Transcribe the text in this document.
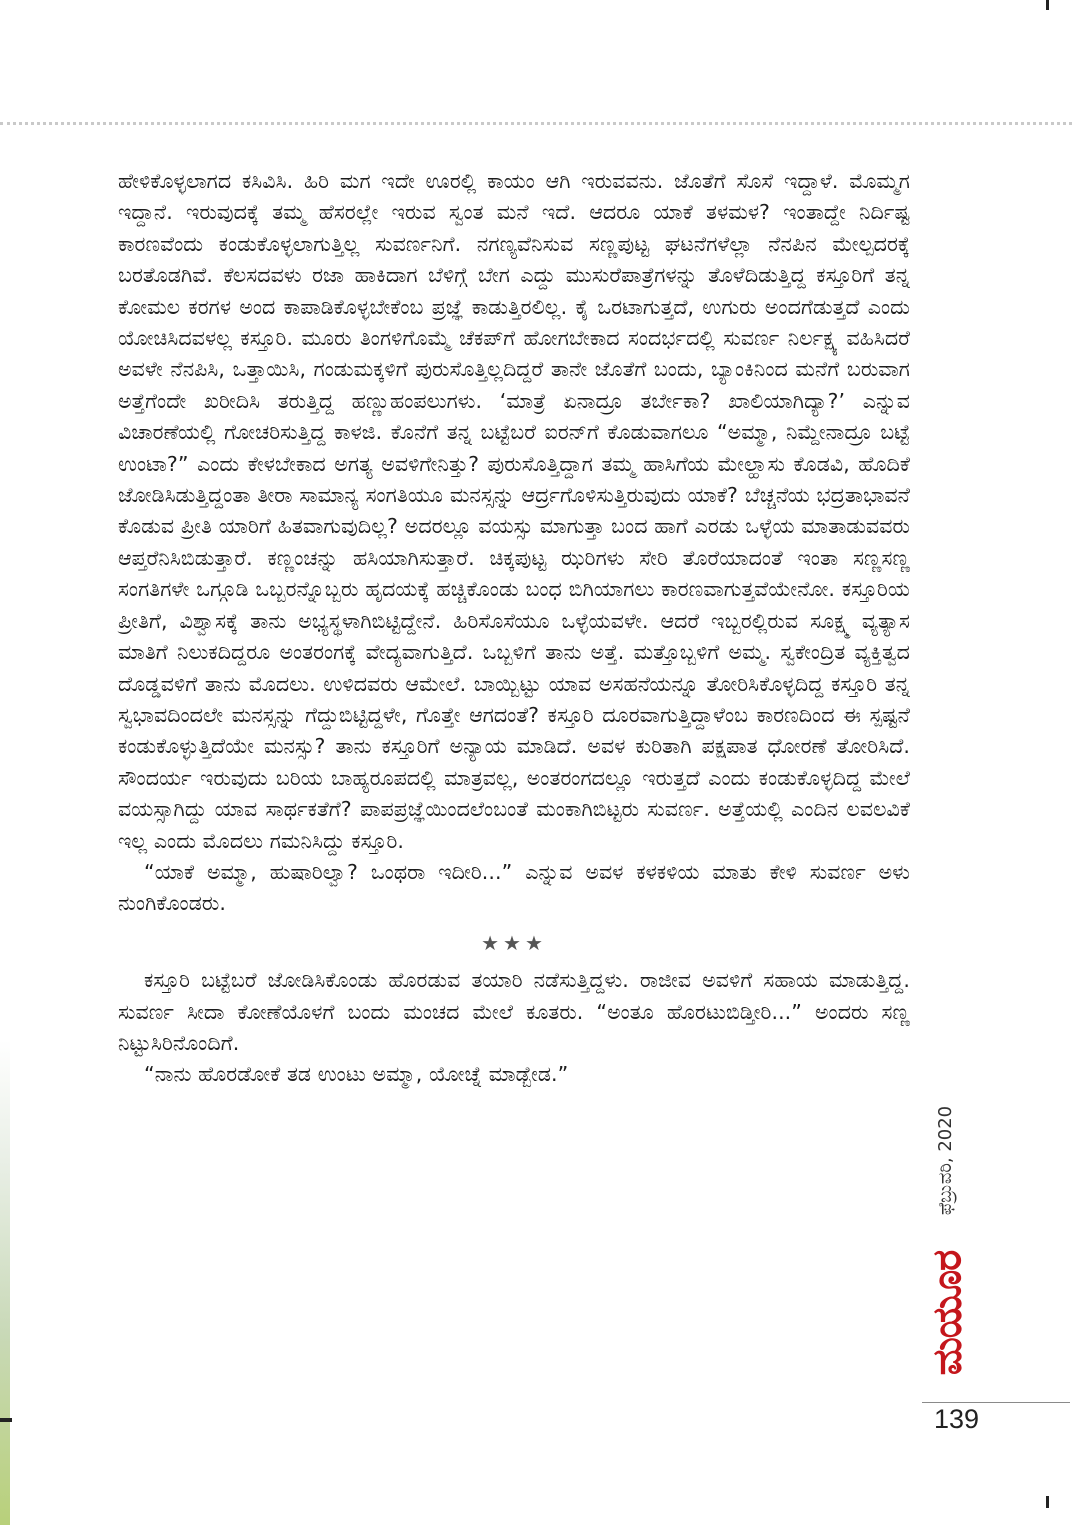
ಹೇಳಿಕೊಳ್ಳಲಾಗದ ಕಸಿವಿಸಿ. ಹಿರಿ ಮಗ ಇದೇ ಊರಲ್ಲಿ ಕಾಯಂ ಆಗಿ ಇರುವವನು. ಜೊತೆಗೆ ಸೊಸೆ ಇದ್ದಾಳೆ. ಮೊಮ್ಮಗ ಇದ್ದಾನೆ. ಇರುವುದಕ್ಕೆ ತಮ್ಮ ಹೆಸರಲ್ಲೇ ಇರುವ ಸ್ವಂತ ಮನೆ ಇದೆ. ಆದರೂ ಯಾಕೆ ತಳಮಳ? ಇಂತಾದ್ದೇ ನಿರ್ದಿಷ್ಟ ಕಾರಣವೆಂದು ಕಂಡುಕೊಳ್ಳಲಾಗುತ್ತಿಲ್ಲ ಸುವರ್ಣನಿಗೆ. ನಗಣ್ಯವೆನಿಸುವ ಸಣ್ಣಪುಟ್ಟ ಘಟನೆಗಳೆಲ್ಲಾ ನೆನಪಿನ ಮೇಲ್ಪದರಕ್ಕೆ ಬರತೊಡಗಿವೆ. ಕೆಲಸದವಳು ರಜಾ ಹಾಕಿದಾಗ ಬೆಳಿಗ್ಗೆ ಬೇಗ ಎದ್ದು ಮುಸುರೆಪಾತ್ರೆಗಳನ್ನು ತೊಳೆದಿಡುತ್ತಿದ್ದ ಕಸ್ತೂರಿಗೆ ತನ್ನ ಕೋಮಲ ಕರಗಳ ಅಂದ ಕಾಪಾಡಿಕೊಳ್ಳಬೇಕೆಂಬ ಪ್ರಜ್ಞೆ ಕಾಡುತ್ತಿರಲಿಲ್ಲ. ಕೈ ಒರಟಾಗುತ್ತದೆ, ಉಗುರು ಅಂದಗೆಡುತ್ತದೆ ಎಂದು ಯೋಚಿಸಿದವಳಲ್ಲ ಕಸ್ತೂರಿ. ಮೂರು ತಿಂಗಳಿಗೊಮ್ಮೆ ಚೆಕಪ್‌ಗೆ ಹೋಗಬೇಕಾದ ಸಂದರ್ಭದಲ್ಲಿ ಸುವರ್ಣ ನಿರ್ಲಕ್ಷ್ಯ ವಹಿಸಿದರೆ ಅವಳೇ ನೆನಪಿಸಿ, ಒತ್ತಾಯಿಸಿ, ಗಂಡುಮಕ್ಕಳಿಗೆ ಪುರುಸೊತ್ತಿಲ್ಲದಿದ್ದರೆ ತಾನೇ ಜೊತೆಗೆ ಬಂದು, ಬ್ಯಾಂಕಿನಿಂದ ಮನೆಗೆ ಬರುವಾಗ ಅತ್ತೆಗೆಂದೇ ಖರೀದಿಸಿ ತರುತ್ತಿದ್ದ ಹಣ್ಣುಹಂಪಲುಗಳು. ‘ಮಾತ್ರೆ ಏನಾದ್ರೂ ತರ್ಬೇಕಾ? ಖಾಲಿಯಾಗಿದ್ಯಾ?’ ಎನ್ನುವ ವಿಚಾರಣೆಯಲ್ಲಿ ಗೋಚರಿಸುತ್ತಿದ್ದ ಕಾಳಜಿ. ಕೊನೆಗೆ ತನ್ನ ಬಟ್ಟೆಬರೆ ಐರನ್‌ಗೆ ಕೊಡುವಾಗಲೂ “ಅಮ್ಮಾ, ನಿಮ್ದೇನಾದ್ರೂ ಬಟ್ಟೆ ಉಂಟಾ?” ಎಂದು ಕೇಳಬೇಕಾದ ಅಗತ್ಯ ಅವಳಿಗೇನಿತ್ತು? ಪುರುಸೊತ್ತಿದ್ದಾಗ ತಮ್ಮ ಹಾಸಿಗೆಯ ಮೇಲ್ಹಾಸು ಕೊಡವಿ, ಹೊದಿಕೆ ಜೋಡಿಸಿಡುತ್ತಿದ್ದಂತಾ ತೀರಾ ಸಾಮಾನ್ಯ ಸಂಗತಿಯೂ ಮನಸ್ಸನ್ನು ಆರ್ದ್ರಗೊಳಿಸುತ್ತಿರುವುದು ಯಾಕೆ? ಬೆಚ್ಚನೆಯ ಭದ್ರತಾಭಾವನೆ ಕೊಡುವ ಪ್ರೀತಿ ಯಾರಿಗೆ ಹಿತವಾಗುವುದಿಲ್ಲ? ಅದರಲ್ಲೂ ವಯಸ್ಸು ಮಾಗುತ್ತಾ ಬಂದ ಹಾಗೆ ಎರಡು ಒಳ್ಳೆಯ ಮಾತಾಡುವವರು ಆಪ್ತರೆನಿಸಿಬಿಡುತ್ತಾರೆ. ಕಣ್ಣಂಚನ್ನು ಹಸಿಯಾಗಿಸುತ್ತಾರೆ. ಚಿಕ್ಕಪುಟ್ಟ ಝರಿಗಳು ಸೇರಿ ತೊರೆಯಾದಂತೆ ಇಂತಾ ಸಣ್ಣಸಣ್ಣ ಸಂಗತಿಗಳೇ ಒಗ್ಗೂಡಿ ಒಬ್ಬರನ್ನೊಬ್ಬರು ಹೃದಯಕ್ಕೆ ಹಚ್ಚಿಕೊಂಡು ಬಂಧ ಬಿಗಿಯಾಗಲು ಕಾರಣವಾಗುತ್ತವೆಯೇನೋ. ಕಸ್ತೂರಿಯ ಪ್ರೀತಿಗೆ, ವಿಶ್ವಾಸಕ್ಕೆ ತಾನು ಅಭ್ಯಸ್ಥಳಾಗಿಬಿಟ್ಟಿದ್ದೇನೆ. ಹಿರಿಸೊಸೆಯೂ ಒಳ್ಳೆಯವಳೇ. ಆದರೆ ಇಬ್ಬರಲ್ಲಿರುವ ಸೂಕ್ಷ್ಮ ವ್ಯತ್ಯಾಸ ಮಾತಿಗೆ ನಿಲುಕದಿದ್ದರೂ ಅಂತರಂಗಕ್ಕೆ ವೇದ್ಯವಾಗುತ್ತಿದೆ. ಒಬ್ಬಳಿಗೆ ತಾನು ಅತ್ತೆ. ಮತ್ತೊಬ್ಬಳಿಗೆ ಅಮ್ಮ. ಸ್ವಕೇಂದ್ರಿತ ವ್ಯಕ್ತಿತ್ವದ ದೊಡ್ಡವಳಿಗೆ ತಾನು ಮೊದಲು. ಉಳಿದವರು ಆಮೇಲೆ. ಬಾಯ್ಬಿಟ್ಟು ಯಾವ ಅಸಹನೆಯನ್ನೂ ತೋರಿಸಿಕೊಳ್ಳದಿದ್ದ ಕಸ್ತೂರಿ ತನ್ನ ಸ್ವಭಾವದಿಂದಲೇ ಮನಸ್ಸನ್ನು ಗೆದ್ದುಬಿಟ್ಟಿದ್ದಳೇ, ಗೊತ್ತೇ ಆಗದಂತೆ? ಕಸ್ತೂರಿ ದೂರವಾಗುತ್ತಿದ್ದಾಳೆಂಬ ಕಾರಣದಿಂದ ಈ ಸ್ಪಷ್ಟನೆ ಕಂಡುಕೊಳ್ಳುತ್ತಿದೆಯೇ ಮನಸ್ಸು? ತಾನು ಕಸ್ತೂರಿಗೆ ಅನ್ಯಾಯ ಮಾಡಿದೆ. ಅವಳ ಕುರಿತಾಗಿ ಪಕ್ಷಪಾತ ಧೋರಣೆ ತೋರಿಸಿದೆ. ಸೌಂದರ್ಯ ಇರುವುದು ಬರಿಯ ಬಾಹ್ಯರೂಪದಲ್ಲಿ ಮಾತ್ರವಲ್ಲ, ಅಂತರಂಗದಲ್ಲೂ ಇರುತ್ತದೆ ಎಂದು ಕಂಡುಕೊಳ್ಳದಿದ್ದ ಮೇಲೆ ವಯಸ್ಸಾಗಿದ್ದು ಯಾವ ಸಾರ್ಥಕತೆಗೆ? ಪಾಪಪ್ರಜ್ಞೆಯಿಂದಲೆಂಬಂತೆ ಮಂಕಾಗಿಬಿಟ್ಟರು ಸುವರ್ಣ. ಅತ್ತೆಯಲ್ಲಿ ಎಂದಿನ ಲವಲವಿಕೆ ಇಲ್ಲ ಎಂದು ಮೊದಲು ಗಮನಿಸಿದ್ದು ಕಸ್ತೂರಿ.

“ಯಾಕೆ ಅಮ್ಮಾ, ಹುಷಾರಿಲ್ವಾ? ಒಂಥರಾ ಇದೀರಿ...” ಎನ್ನುವ ಅವಳ ಕಳಕಳಿಯ ಮಾತು ಕೇಳಿ ಸುವರ್ಣ ಅಳು ನುಂಗಿಕೊಂಡರು.

★★★

ಕಸ್ತೂರಿ ಬಟ್ಟೆಬರೆ ಜೋಡಿಸಿಕೊಂಡು ಹೊರಡುವ ತಯಾರಿ ನಡೆಸುತ್ತಿದ್ದಳು. ರಾಜೀವ ಅವಳಿಗೆ ಸಹಾಯ ಮಾಡುತ್ತಿದ್ದ. ಸುವರ್ಣ ಸೀದಾ ಕೋಣೆಯೊಳಗೆ ಬಂದು ಮಂಚದ ಮೇಲೆ ಕೂತರು. “ಅಂತೂ ಹೊರಟುಬಿಡ್ತೀರಿ...” ಅಂದರು ಸಣ್ಣ ನಿಟ್ಟುಸಿರಿನೊಂದಿಗೆ.

“ನಾನು ಹೊರಡೋಕೆ ತಡ ಉಂಟು ಅಮ್ಮಾ, ಯೋಚ್ನೆ ಮಾಡ್ಬೇಡ.”

ಫೆಬ್ರುವರಿ, 2020
ಮಯೂರ
139
